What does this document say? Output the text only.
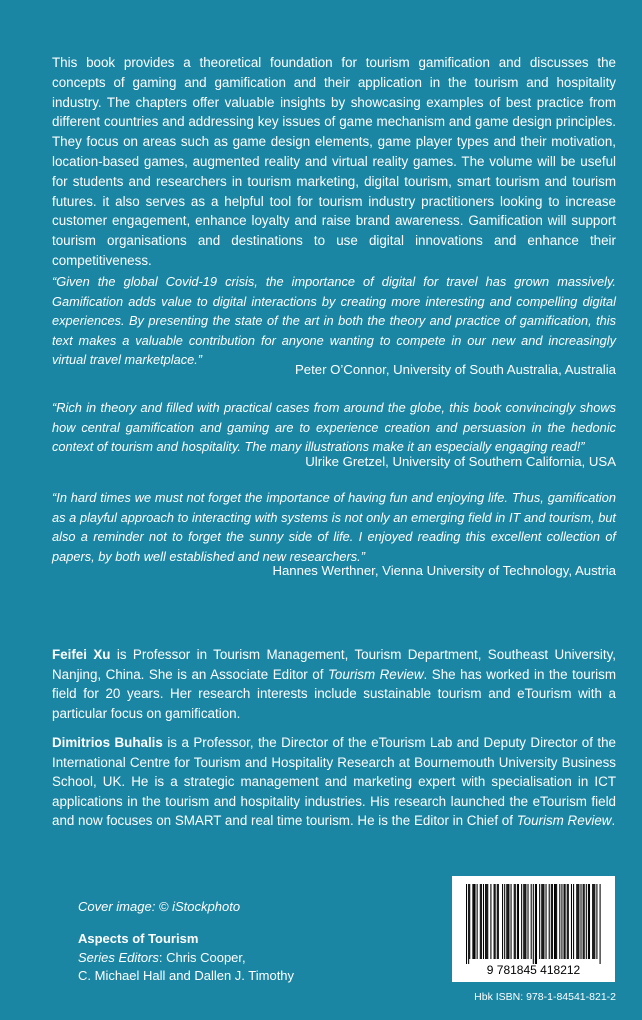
This book provides a theoretical foundation for tourism gamification and discusses the concepts of gaming and gamification and their application in the tourism and hospitality industry. The chapters offer valuable insights by showcasing examples of best practice from different countries and addressing key issues of game mechanism and game design principles. They focus on areas such as game design elements, game player types and their motivation, location-based games, augmented reality and virtual reality games. The volume will be useful for students and researchers in tourism marketing, digital tourism, smart tourism and tourism futures. it also serves as a helpful tool for tourism industry practitioners looking to increase customer engagement, enhance loyalty and raise brand awareness. Gamification will support tourism organisations and destinations to use digital innovations and enhance their competitiveness.

“Given the global Covid-19 crisis, the importance of digital for travel has grown massively. Gamification adds value to digital interactions by creating more interesting and compelling digital experiences. By presenting the state of the art in both the theory and practice of gamification, this text makes a valuable contribution for anyone wanting to compete in our new and increasingly virtual travel marketplace.”

Peter O’Connor, University of South Australia, Australia

“Rich in theory and filled with practical cases from around the globe, this book convincingly shows how central gamification and gaming are to experience creation and persuasion in the hedonic context of tourism and hospitality. The many illustrations make it an especially engaging read!”

Ulrike Gretzel, University of Southern California, USA

“In hard times we must not forget the importance of having fun and enjoying life. Thus, gamification as a playful approach to interacting with systems is not only an emerging field in IT and tourism, but also a reminder not to forget the sunny side of life. I enjoyed reading this excellent collection of papers, by both well established and new researchers.”

Hannes Werthner, Vienna University of Technology, Austria

Feifei Xu is Professor in Tourism Management, Tourism Department, Southeast University, Nanjing, China. She is an Associate Editor of Tourism Review. She has worked in the tourism field for 20 years. Her research interests include sustainable tourism and eTourism with a particular focus on gamification.

Dimitrios Buhalis is a Professor, the Director of the eTourism Lab and Deputy Director of the International Centre for Tourism and Hospitality Research at Bournemouth University Business School, UK. He is a strategic management and marketing expert with specialisation in ICT applications in the tourism and hospitality industries. His research launched the eTourism field and now focuses on SMART and real time tourism. He is the Editor in Chief of Tourism Review.

Cover image: © iStockphoto

Aspects of Tourism
Series Editors: Chris Cooper,
C. Michael Hall and Dallen J. Timothy	9 781845 418212
Hbk ISBN: 978-1-84541-821-2
